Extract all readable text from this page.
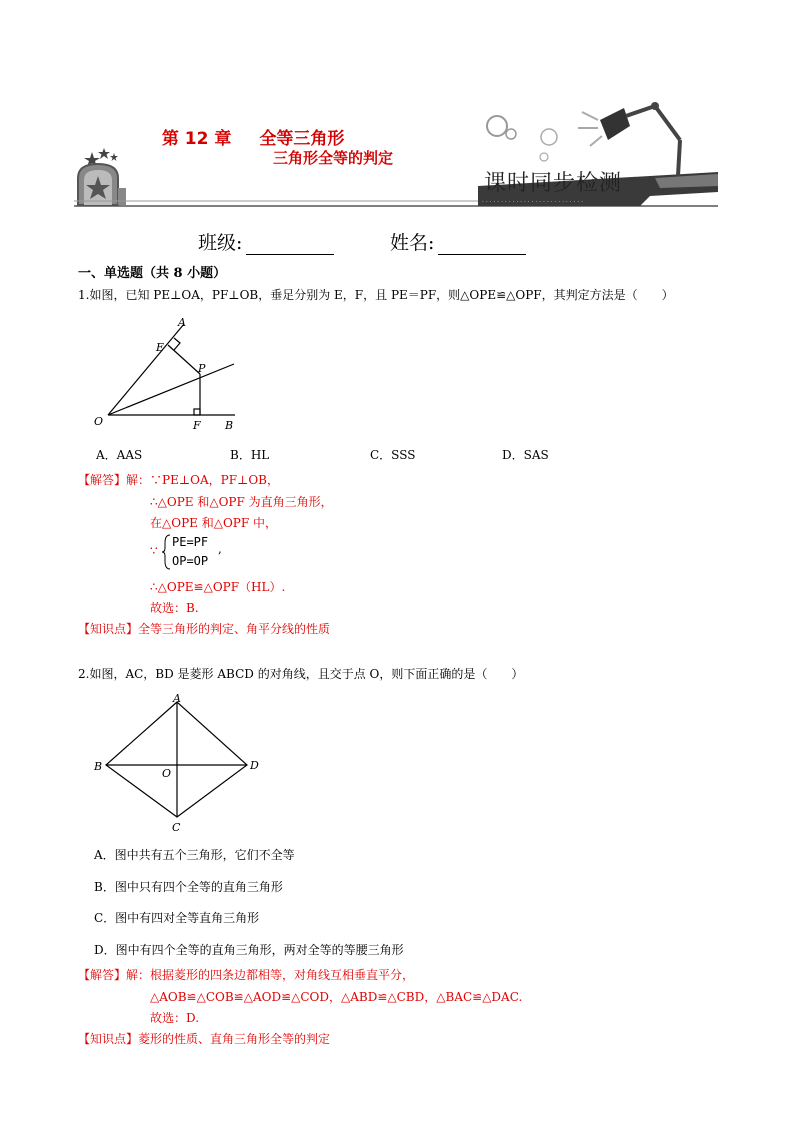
第 12 章 全等三角形

三角形全等的判定
· · · · · · · · · · · · · · · · · · · · · · · · · · ·
课时同步检测
班级:	姓名:
一、单选题（共 8 小题）
1.如图，已知 PE⊥OA，PF⊥OB，垂足分别为 E，F，且 PE＝PF，则△OPE≌△OPF，其判定方法是（　　）
A
E
P
O	F B
A．AAS	B．HL	C．SSS	D．SAS
【解答】解：∵PE⊥OA，PF⊥OB，
∴△OPE 和△OPF 为直角三角形，
在△OPE 和△OPF 中，
∵
PE=PF ,
OP=OP
∴△OPE≌△OPF（HL）.
故选：B.
【知识点】全等三角形的判定、角平分线的性质
2.如图，AC，BD 是菱形 ABCD 的对角线，且交于点 O，则下面正确的是（　　）
A
B	D
O
C
A．图中共有五个三角形，它们不全等
B．图中只有四个全等的直角三角形
C．图中有四对全等直角三角形
D．图中有四个全等的直角三角形，两对全等的等腰三角形
【解答】解：根据菱形的四条边都相等，对角线互相垂直平分，
△AOB≌△COB≌△AOD≌△COD，△ABD≌△CBD，△BAC≌△DAC.
故选：D.
【知识点】菱形的性质、直角三角形全等的判定
